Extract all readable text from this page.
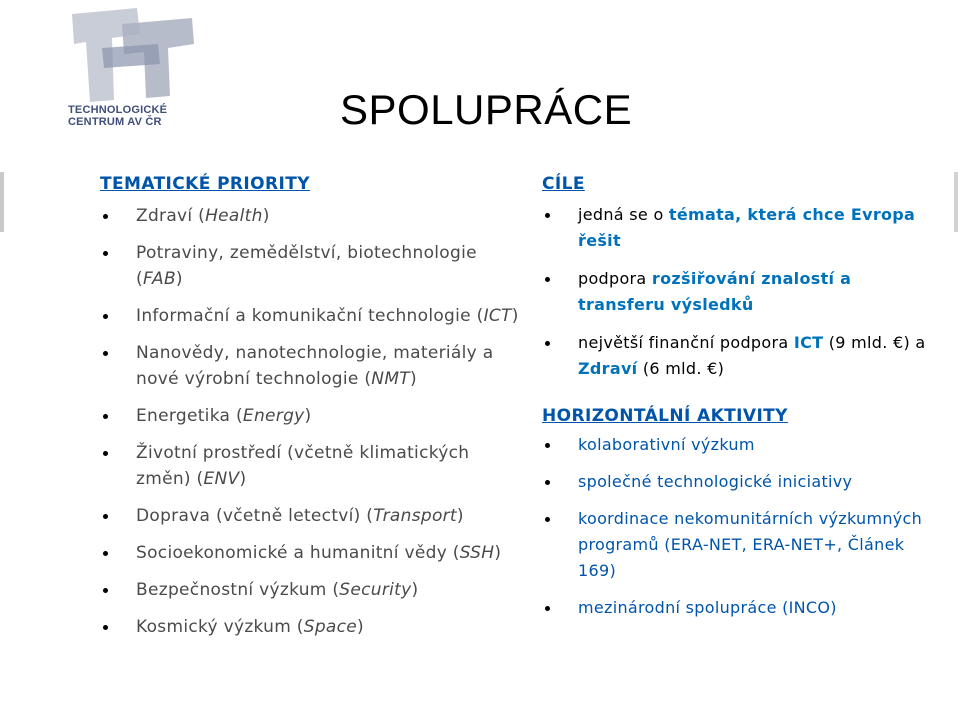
TECHNOLOGICKÉ
CENTRUM AV ČR	SPOLUPRÁCE
TEMATICKÉ PRIORITY
Zdraví (Health)
Potraviny, zemědělství, biotechnologie (FAB)
Informační a komunikační technologie (ICT)
Nanovědy, nanotechnologie, materiály a nové výrobní technologie (NMT)
Energetika (Energy)
Životní prostředí (včetně klimatických změn) (ENV)
Doprava (včetně letectví) (Transport)
Socioekonomické a humanitní vědy (SSH)
Bezpečnostní výzkum (Security)
Kosmický výzkum (Space)
CÍLE
jedná se o témata, která chce Evropa řešit
podpora rozšiřování znalostí a transferu výsledků
největší finanční podpora ICT (9 mld. €) a Zdraví (6 mld. €)
HORIZONTÁLNÍ AKTIVITY
kolaborativní výzkum
společné technologické iniciativy
koordinace nekomunitárních výzkumných programů (ERA-NET, ERA-NET+, Článek 169)
mezinárodní spolupráce (INCO)
